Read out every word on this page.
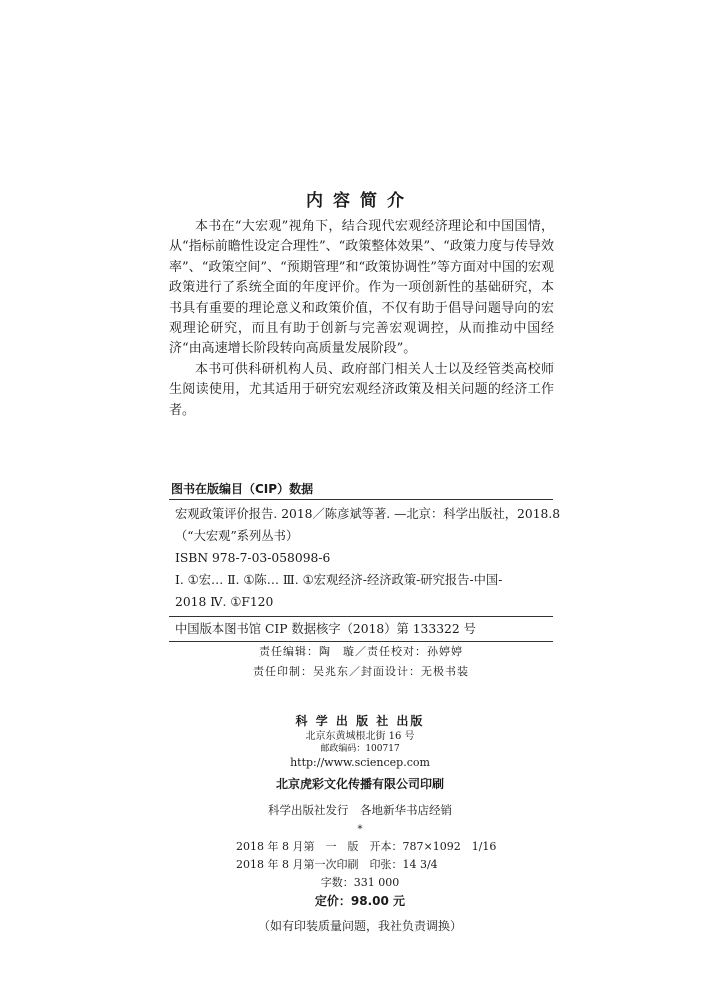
内容简介

本书在“大宏观”视角下，结合现代宏观经济理论和中国国情，从“指标前瞻性设定合理性”、“政策整体效果”、“政策力度与传导效率”、“政策空间”、“预期管理”和“政策协调性”等方面对中国的宏观政策进行了系统全面的年度评价。作为一项创新性的基础研究，本书具有重要的理论意义和政策价值，不仅有助于倡导问题导向的宏观理论研究，而且有助于创新与完善宏观调控，从而推动中国经济“由高速增长阶段转向高质量发展阶段”。

本书可供科研机构人员、政府部门相关人士以及经管类高校师生阅读使用，尤其适用于研究宏观经济政策及相关问题的经济工作者。

图书在版编目（CIP）数据
宏观政策评价报告. 2018／陈彦斌等著. —北京：科学出版社，2018.8
（“大宏观”系列丛书）
ISBN 978-7-03-058098-6
Ⅰ. ①宏… Ⅱ. ①陈… Ⅲ. ①宏观经济-经济政策-研究报告-中国-
2018 Ⅳ. ①F120
中国版本图书馆 CIP 数据核字（2018）第 133322 号
责任编辑：陶　璇／责任校对：孙婷婷
责任印制：吴兆东／封面设计：无极书装
科 学 出 版 社 出版
北京东黄城根北街 16 号
邮政编码：100717
http://www.sciencep.com
北京虎彩文化传播有限公司印刷
科学出版社发行　各地新华书店经销
*
2018 年 8 月第　一　版　开本：787×1092　1/16
2018 年 8 月第一次印刷　印张：14 3/4
字数：331 000
定价：98.00 元
（如有印装质量问题，我社负责调换）
